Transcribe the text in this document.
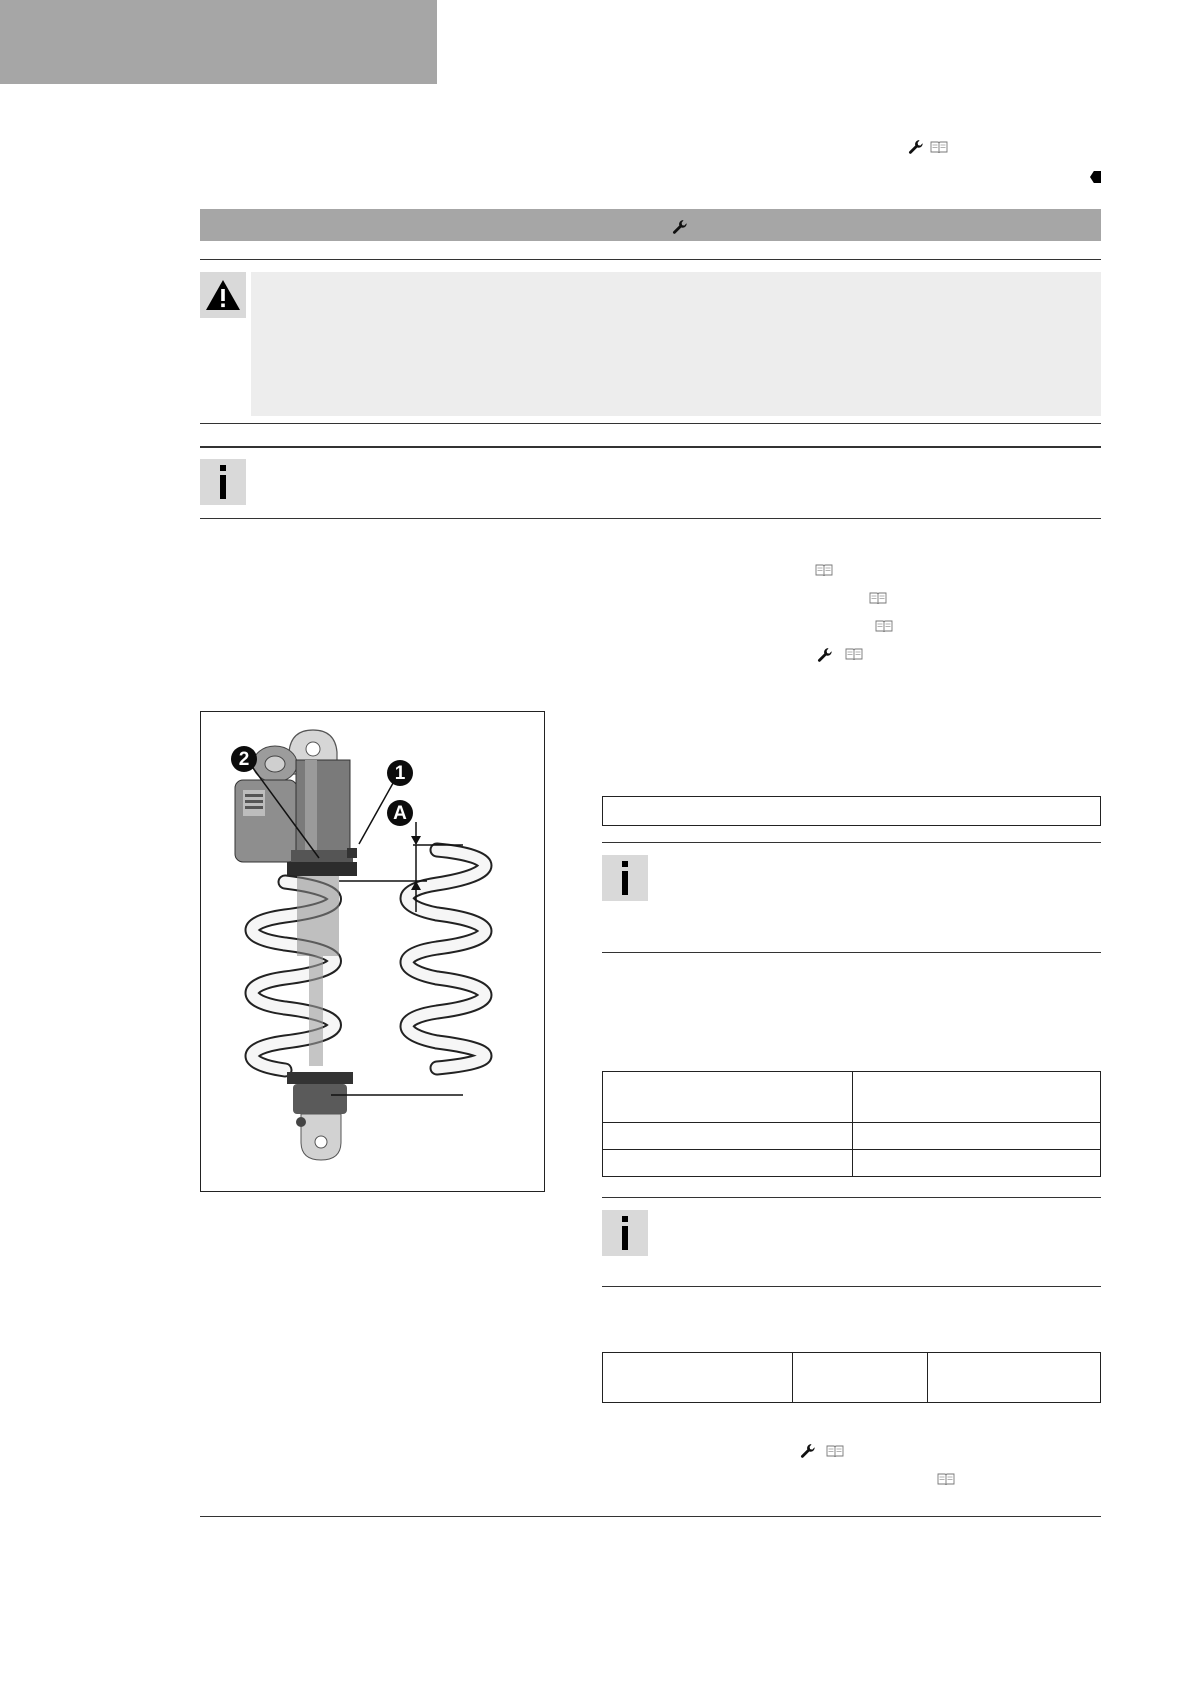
2
1
A
